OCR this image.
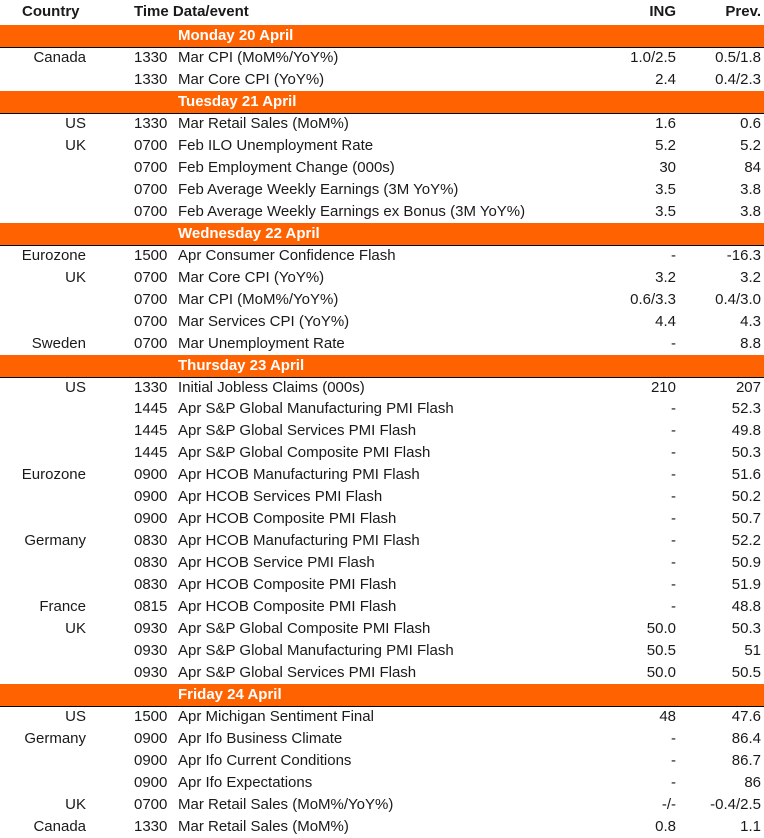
Country	Time Data/event	ING	Prev.
Monday 20 April
Canada	1330 Mar CPI (MoM%/YoY%)	1.0/2.5	0.5/1.8
1330 Mar Core CPI (YoY%)	2.4	0.4/2.3
Tuesday 21 April
US	1330 Mar Retail Sales (MoM%)	1.6	0.6
UK	0700 Feb ILO Unemployment Rate	5.2	5.2
0700 Feb Employment Change (000s)	30	84
0700 Feb Average Weekly Earnings (3M YoY%)	3.5	3.8
0700 Feb Average Weekly Earnings ex Bonus (3M YoY%)	3.5	3.8
Wednesday 22 April
Eurozone	1500 Apr Consumer Confidence Flash	-	-16.3
UK	0700 Mar Core CPI (YoY%)	3.2	3.2
0700 Mar CPI (MoM%/YoY%)	0.6/3.3	0.4/3.0
0700 Mar Services CPI (YoY%)	4.4	4.3
Sweden	0700 Mar Unemployment Rate	-	8.8
Thursday 23 April
US	1330 Initial Jobless Claims (000s)	210	207
1445 Apr S&P Global Manufacturing PMI Flash	-	52.3
1445 Apr S&P Global Services PMI Flash	-	49.8
1445 Apr S&P Global Composite PMI Flash	-	50.3
Eurozone	0900 Apr HCOB Manufacturing PMI Flash	-	51.6
0900 Apr HCOB Services PMI Flash	-	50.2
0900 Apr HCOB Composite PMI Flash	-	50.7
Germany	0830 Apr HCOB Manufacturing PMI Flash	-	52.2
0830 Apr HCOB Service PMI Flash	-	50.9
0830 Apr HCOB Composite PMI Flash	-	51.9
France	0815 Apr HCOB Composite PMI Flash	-	48.8
UK	0930 Apr S&P Global Composite PMI Flash	50.0	50.3
0930 Apr S&P Global Manufacturing PMI Flash	50.5	51
0930 Apr S&P Global Services PMI Flash	50.0	50.5
Friday 24 April
US	1500 Apr Michigan Sentiment Final	48	47.6
Germany	0900 Apr Ifo Business Climate	-	86.4
0900 Apr Ifo Current Conditions	-	86.7
0900 Apr Ifo Expectations	-	86
UK	0700 Mar Retail Sales (MoM%/YoY%)	-/-	-0.4/2.5
Canada	1330 Mar Retail Sales (MoM%)	0.8	1.1
